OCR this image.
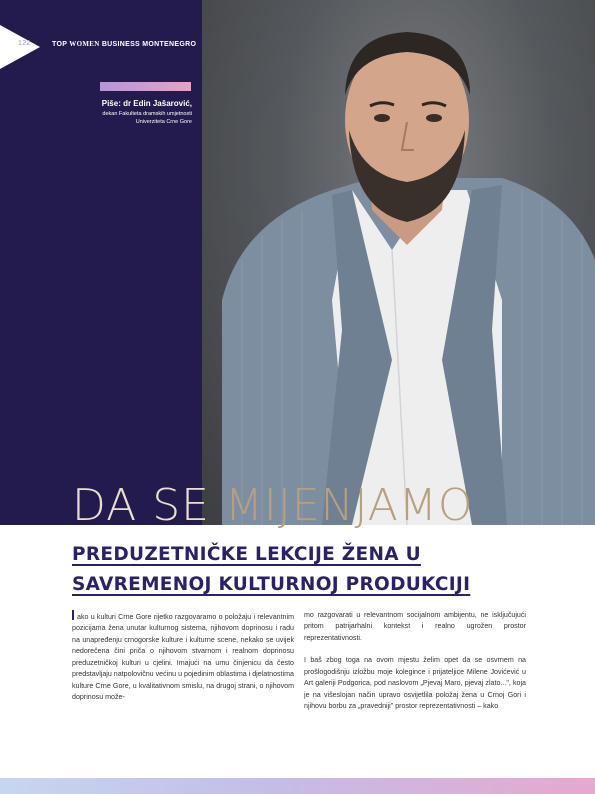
122	TOP WOMEN BUSINESS MONTENEGRO
Piše: dr Edin Jašarović,
dekan Fakulteta dramskih umjetnosti
Univerziteta Crne Gore
DA SE MIJENJAMO
PREDUZETNIČKE LEKCIJE ŽENA U
SAVREMENOJ KULTURNOJ PRODUKCIJI

ako u kulturi Crne Gore rijetko razgovaramo o položaju i relevantnim pozicijama žena unutar kulturnog sistema, njihovom doprinosu i radu na unapređenju crnogorske kulture i kulturne scene, nekako se uvijek nedorečena čini priča o njihovom stvarnom i realnom doprinosu preduzetničkoj kulturi u cjelini. Imajući na umu činjenicu da često predstavljaju natpolovičnu većinu u pojedinim oblastima i djelatnostima kulture Crne Gore, u kvalitativnom smislu, na drugoj strani, o njihovom doprinosu može-

mo razgovarati u relevantnom socijalnom ambijentu, ne isključujući pritom patrijarhalni kontekst i realno ugrožen prostor reprezentativnosti.

I baš zbog toga na ovom mjestu želim opet da se osvrnem na prošlogodišnju izložbu moje kolegince i prijateljice Milene Jovićević u Art galeriji Podgorica, pod naslovom „Pjevaj Maro, pjevaj zlato...", koja je na višeslojan način upravo osvijetlila položaj žena u Crnoj Gori i njihovu borbu za „pravedniji" prostor reprezentativnosti – kako
